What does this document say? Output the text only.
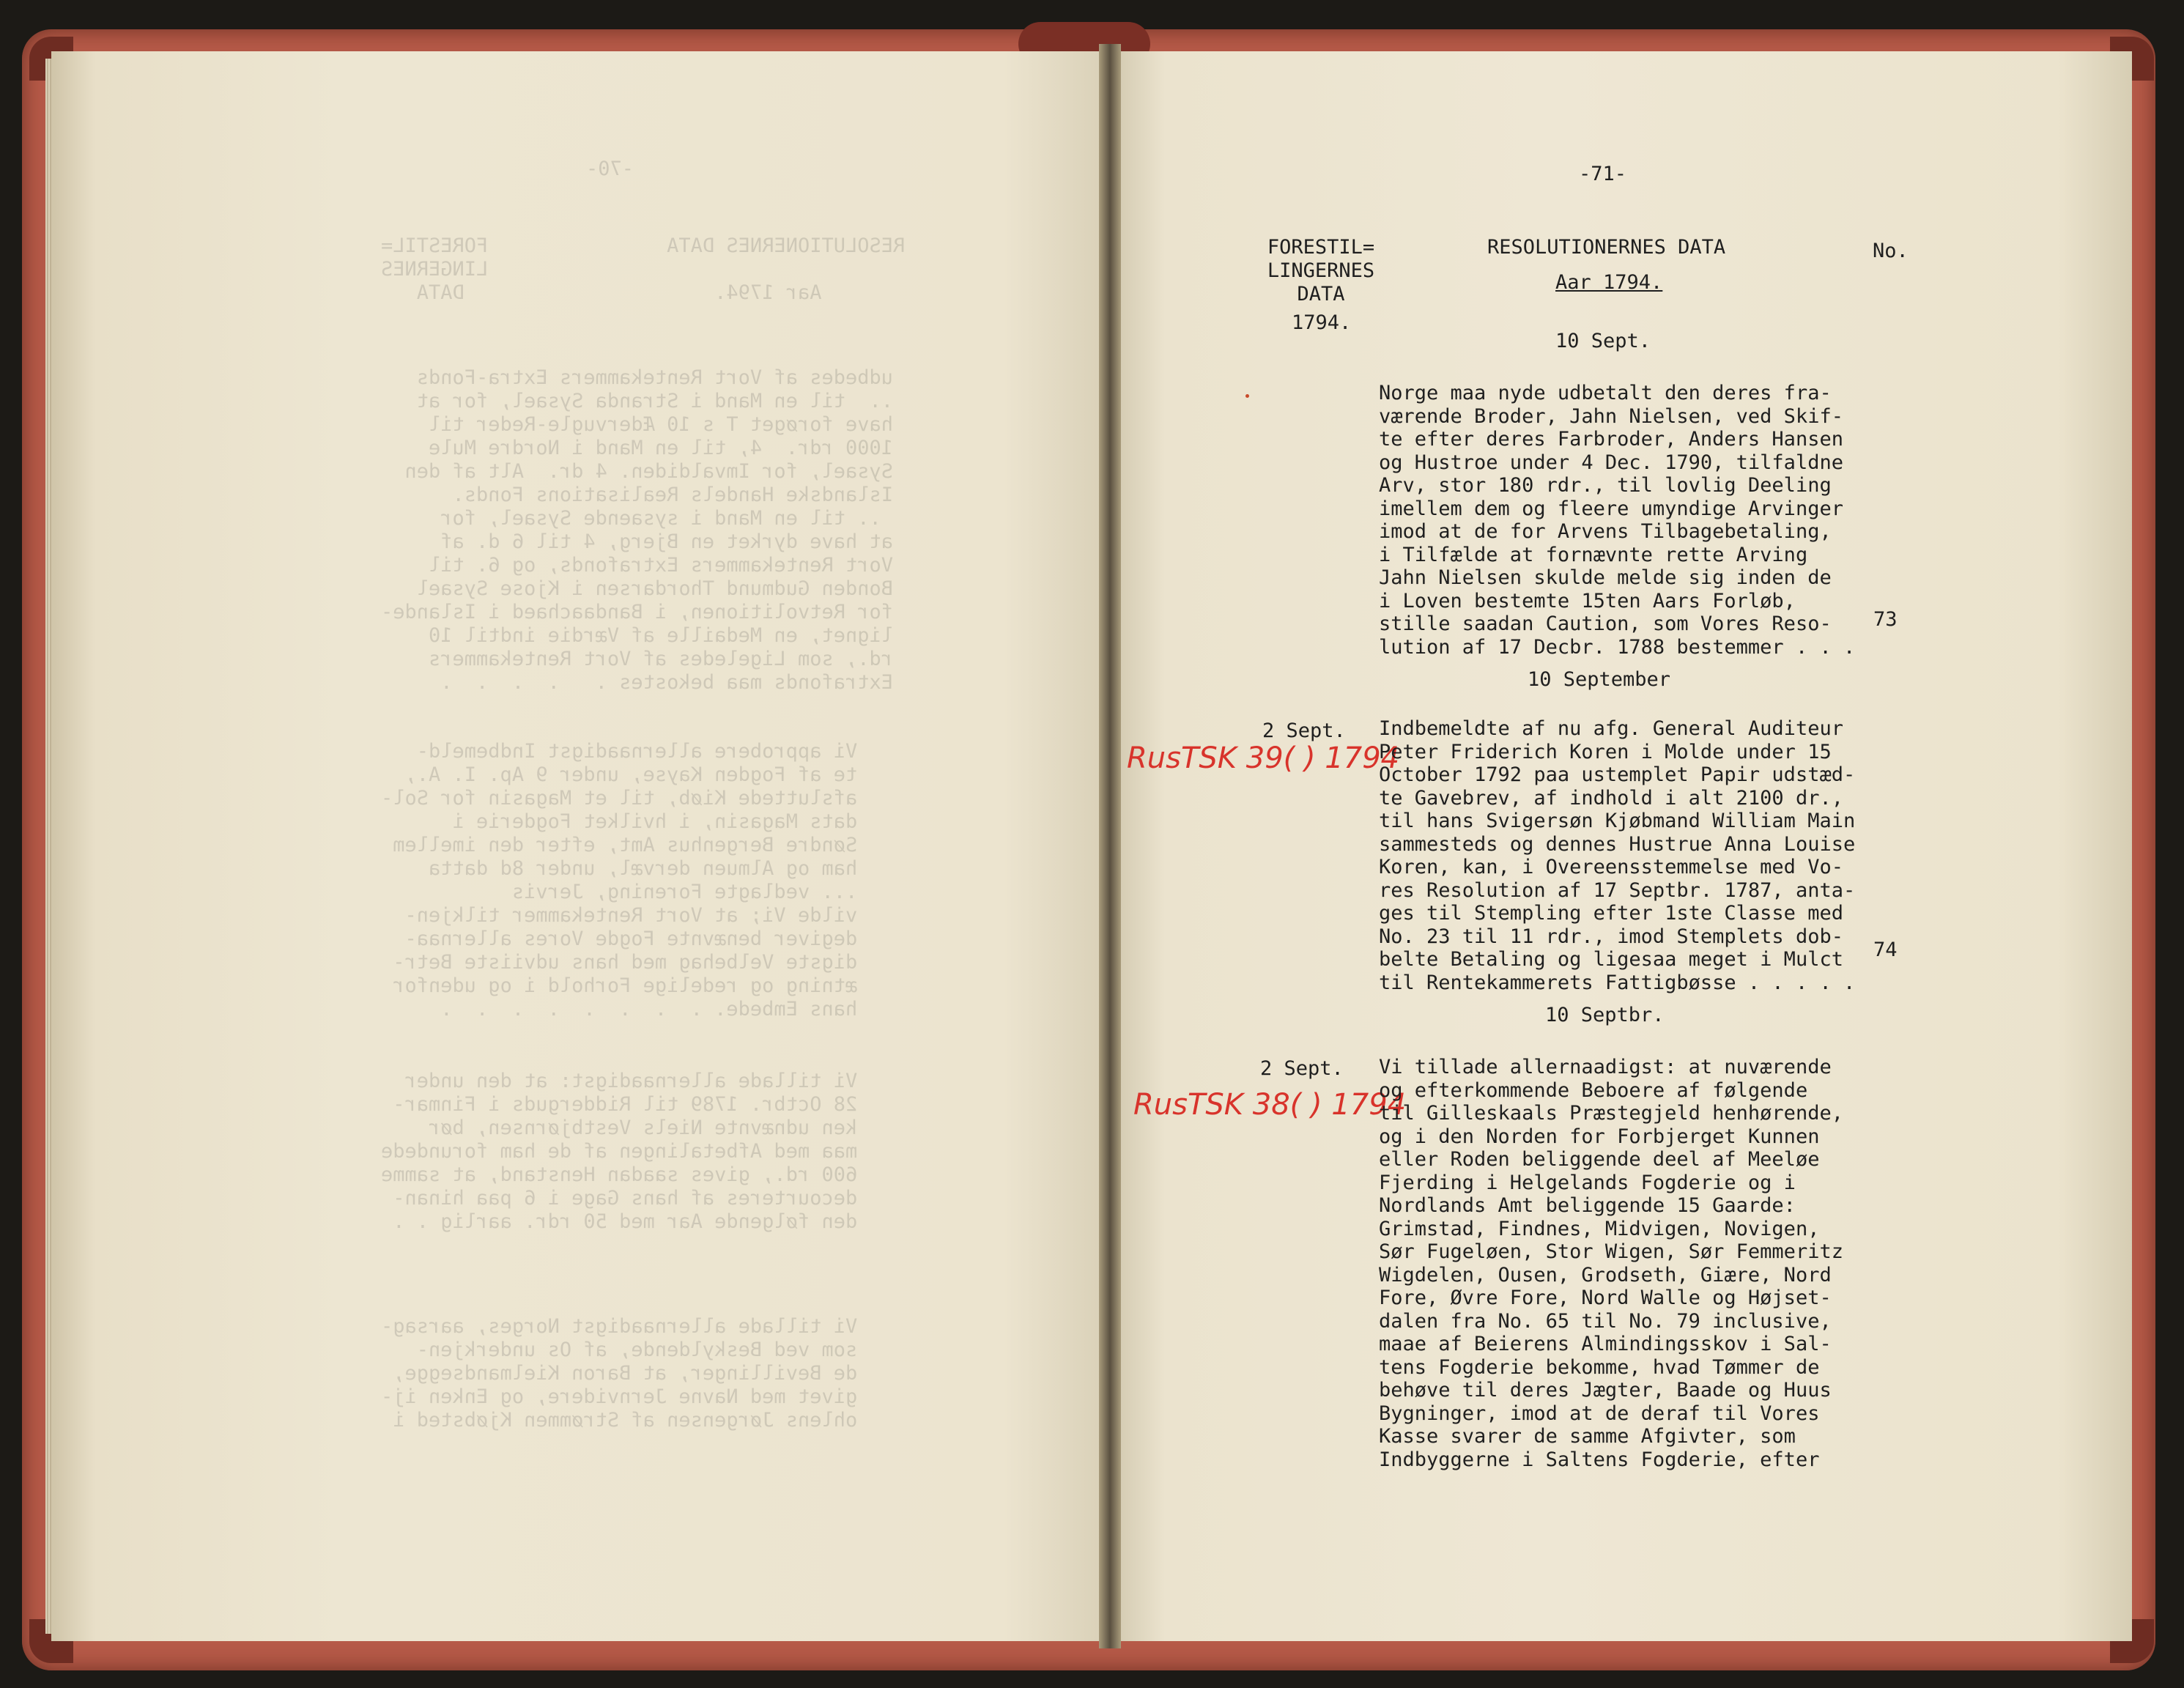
-70-
RESOLUTIONERNES DATA               FORESTIL=
LINGERNES
Aar 1794.                     DATA
udbedes af Vort Rentekammers Extra-Fonds
..  til en Mand i Stranda Sysael, for at
have forøget T s 10 Ædervugle-Reder til
1000 rdr.  4, til en Mand i Nordre Mule
Sysael, for Imvaldiden. 4 dr.  Alt af den
Islandske Handels Realisations Fonds.
.. til en Mand i sysaende Sysael, for
at have dyrket en Bjerg, 4 til 6 d. af
Vort Rentekammers Extrafonds, og 6. til
Bonden Gudmund Thordarsen i Kjose Sysael
for Retvolitionen, i Bandaachaed i Islande-
lignet, en Medaille af Værdie indtil 10
rd., som Ligeledes af Vort Rentekammers
Extrafonds maa bekostes .   .  .  .  .
Vi approbere allernaadigst Indbemeld-
te af Fogden Kayse, under 9 Ap. I. A.,
afsluttede Kiøb, til et Magasin for Sol-
dats Magasin, i hvilket Fogderie i
Søndre Bergenhus Amt, efter den imellem
ham og Almuen dervæl, under 8d datta
... vedlagte Forening, Jervis
vilde Vi; at Vort Rentekammer tilkjen-
degiver benævnte Fogde Vores allernaa-
digste Velbehag med hans udviiste Betr-
ætning og redelige Forhold i og udenfor
hans Embede. .  .  .  .  .  .  .  .
Vi tillade allernaadigst: at den under
28 Octbr. 1789 til Ridderguds i Finmar-
ken udnævnte Niels Vestbjørnsen, bør
maa med Afbetalingen af de ham forundede
600 rd., gives saadan Henstand, at samme
decourteres af hans Gage i 6 paa hinan-
den følgende Aar med 50 rdr. aarlig . .
Vi tillade allernaadigst Norges, aarsag-
som ved Beskyldende, af Os underkjen-
de Bevillinger, at Baron Kielmandsegge,
givet med Navne Jernvidere, og Enken ij-
ohlens Jørgensen af Strømmen Kjøbsted i
-71-
FORESTIL=
LINGERNES
DATA
RESOLUTIONERNES DATA	No.
Aar 1794.
1794.
10 Sept.
Norge maa nyde udbetalt den deres fra-
værende Broder, Jahn Nielsen, ved Skif-
te efter deres Farbroder, Anders Hansen
og Hustroe under 4 Dec. 1790, tilfaldne
Arv, stor 180 rdr., til lovlig Deeling
imellem dem og fleere umyndige Arvinger
imod at de for Arvens Tilbagebetaling,
i Tilfælde at fornævnte rette Arving
Jahn Nielsen skulde melde sig inden de
i Loven bestemte 15ten Aars Forløb,
stille saadan Caution, som Vores Reso-
lution af 17 Decbr. 1788 bestemmer . . .
73
10 September
2 Sept.
RusTSK 39( ) 1794
Indbemeldte af nu afg. General Auditeur
Peter Friderich Koren i Molde under 15
October 1792 paa ustemplet Papir udstæd-
te Gavebrev, af indhold i alt 2100 dr.,
til hans Svigersøn Kjøbmand William Main
sammesteds og dennes Hustrue Anna Louise
Koren, kan, i Overeensstemmelse med Vo-
res Resolution af 17 Septbr. 1787, anta-
ges til Stempling efter 1ste Classe med
No. 23 til 11 rdr., imod Stemplets dob-
belte Betaling og ligesaa meget i Mulct
til Rentekammerets Fattigbøsse . . . . .
74
10 Septbr.
2 Sept.
RusTSK 38( ) 1794
Vi tillade allernaadigst: at nuværende
og efterkommende Beboere af følgende
til Gilleskaals Præstegjeld henhørende,
og i den Norden for Forbjerget Kunnen
eller Roden beliggende deel af Meeløe
Fjerding i Helgelands Fogderie og i
Nordlands Amt beliggende 15 Gaarde:
Grimstad, Findnes, Midvigen, Novigen,
Sør Fugeløen, Stor Wigen, Sør Femmeritz
Wigdelen, Ousen, Grodseth, Giære, Nord
Fore, Øvre Fore, Nord Walle og Højset-
dalen fra No. 65 til No. 79 inclusive,
maae af Beierens Almindingsskov i Sal-
tens Fogderie bekomme, hvad Tømmer de
behøve til deres Jægter, Baade og Huus
Bygninger, imod at de deraf til Vores
Kasse svarer de samme Afgivter, som
Indbyggerne i Saltens Fogderie, efter
